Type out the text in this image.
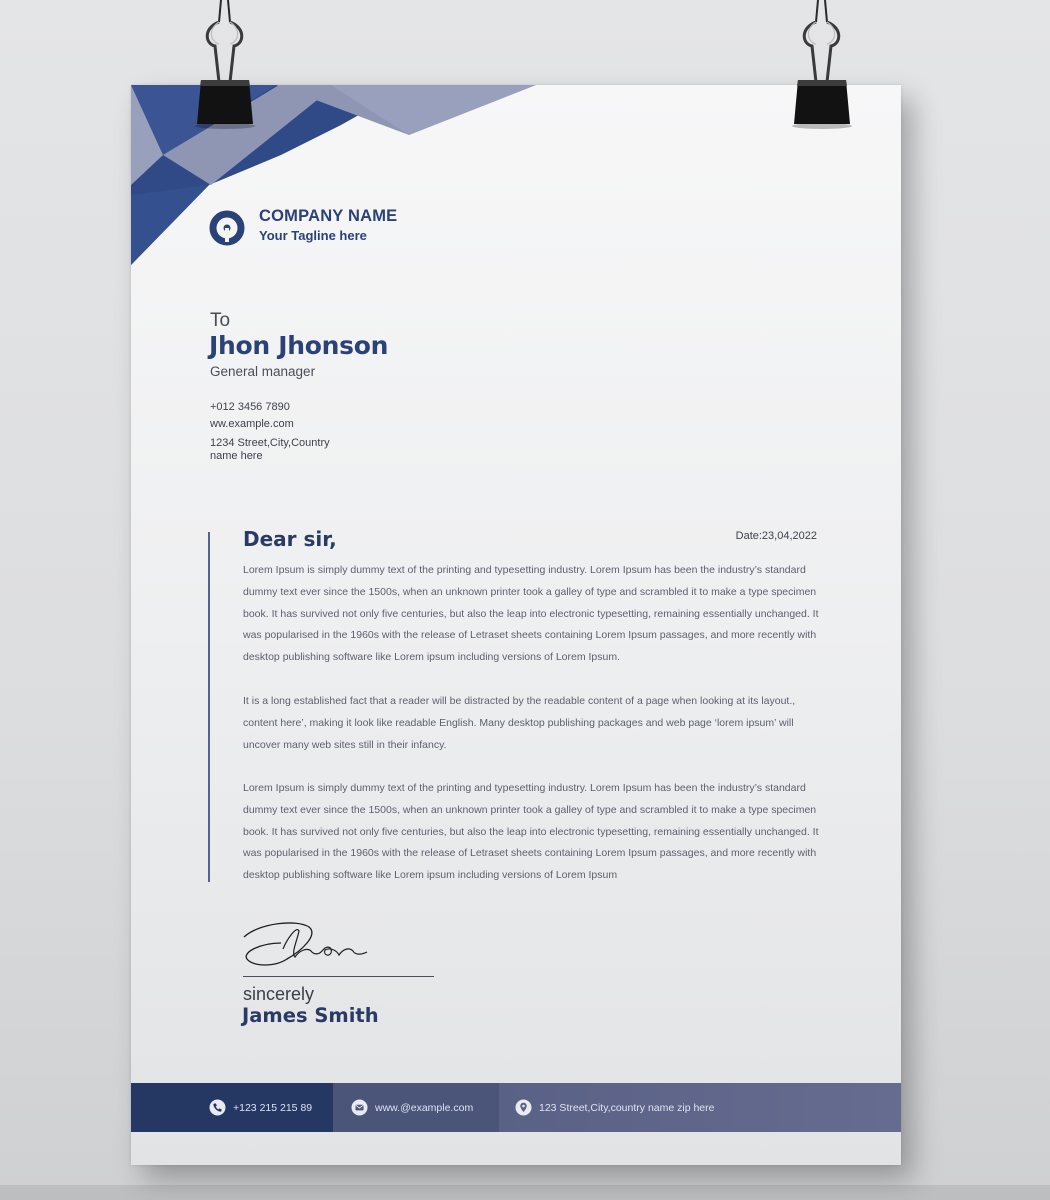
COMPANY NAME
Your Tagline here
To
Jhon Jhonson
General manager
+012 3456 7890
ww.example.com
1234 Street,City,Country
name here
Dear sir,	Date:23,04,2022
Lorem Ipsum is simply dummy text of the printing and typesetting industry. Lorem Ipsum has been the industry’s standard dummy text ever since the 1500s, when an unknown printer took a galley of type and scrambled it to make a type specimen book. It has survived not only five centuries, but also the leap into electronic typesetting, remaining essentially unchanged. It was popularised in the 1960s with the release of Letraset sheets containing Lorem Ipsum passages, and more recently with desktop publishing software like Lorem ipsum including versions of Lorem Ipsum.
It is a long established fact that a reader will be distracted by the readable content of a page when looking at its layout., content here’, making it look like readable English. Many desktop publishing packages and web page ‘lorem ipsum’ will uncover many web sites still in their infancy.
Lorem Ipsum is simply dummy text of the printing and typesetting industry. Lorem Ipsum has been the industry’s standard dummy text ever since the 1500s, when an unknown printer took a galley of type and scrambled it to make a type specimen book. It has survived not only five centuries, but also the leap into electronic typesetting, remaining essentially unchanged. It was popularised in the 1960s with the release of Letraset sheets containing Lorem Ipsum passages, and more recently with desktop publishing software like Lorem ipsum including versions of Lorem Ipsum
sincerely
James Smith
+123 215 215 89	www.@example.com	123 Street,City,country name zip here
